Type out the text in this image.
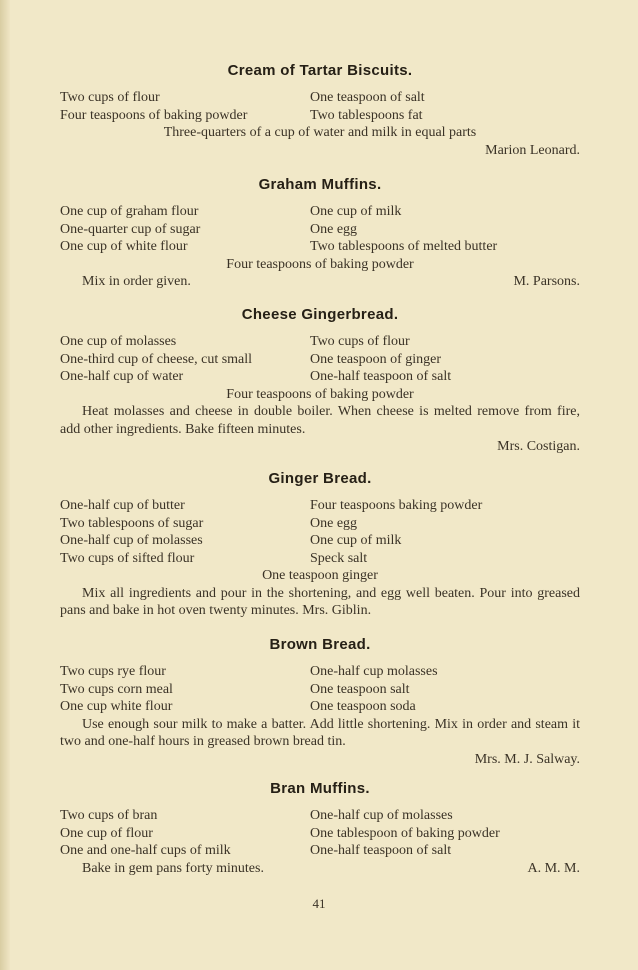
Cream of Tartar Biscuits.
Two cups of flour	One teaspoon of salt
Four teaspoons of baking powder	Two tablespoons fat
Three-quarters of a cup of water and milk in equal parts
Marion Leonard.
Graham Muffins.
One cup of graham flour	One cup of milk
One-quarter cup of sugar	One egg
One cup of white flour	Two tablespoons of melted butter
Four teaspoons of baking powder
Mix in order given.	M. Parsons.
Cheese Gingerbread.
One cup of molasses	Two cups of flour
One-third cup of cheese, cut small	One teaspoon of ginger
One-half cup of water	One-half teaspoon of salt
Four teaspoons of baking powder
Heat molasses and cheese in double boiler. When cheese is melted remove from fire, add other ingredients. Bake fifteen minutes.
Mrs. Costigan.
Ginger Bread.
One-half cup of butter	Four teaspoons baking powder
Two tablespoons of sugar	One egg
One-half cup of molasses	One cup of milk
Two cups of sifted flour	Speck salt
One teaspoon ginger
Mix all ingredients and pour in the shortening, and egg well beaten. Pour into greased pans and bake in hot oven twenty minutes. Mrs. Giblin.
Brown Bread.
Two cups rye flour	One-half cup molasses
Two cups corn meal	One teaspoon salt
One cup white flour	One teaspoon soda
Use enough sour milk to make a batter. Add little shortening. Mix in order and steam it two and one-half hours in greased brown bread tin.
Mrs. M. J. Salway.
Bran Muffins.
Two cups of bran	One-half cup of molasses
One cup of flour	One tablespoon of baking powder
One and one-half cups of milk	One-half teaspoon of salt
Bake in gem pans forty minutes.	A. M. M.
41
